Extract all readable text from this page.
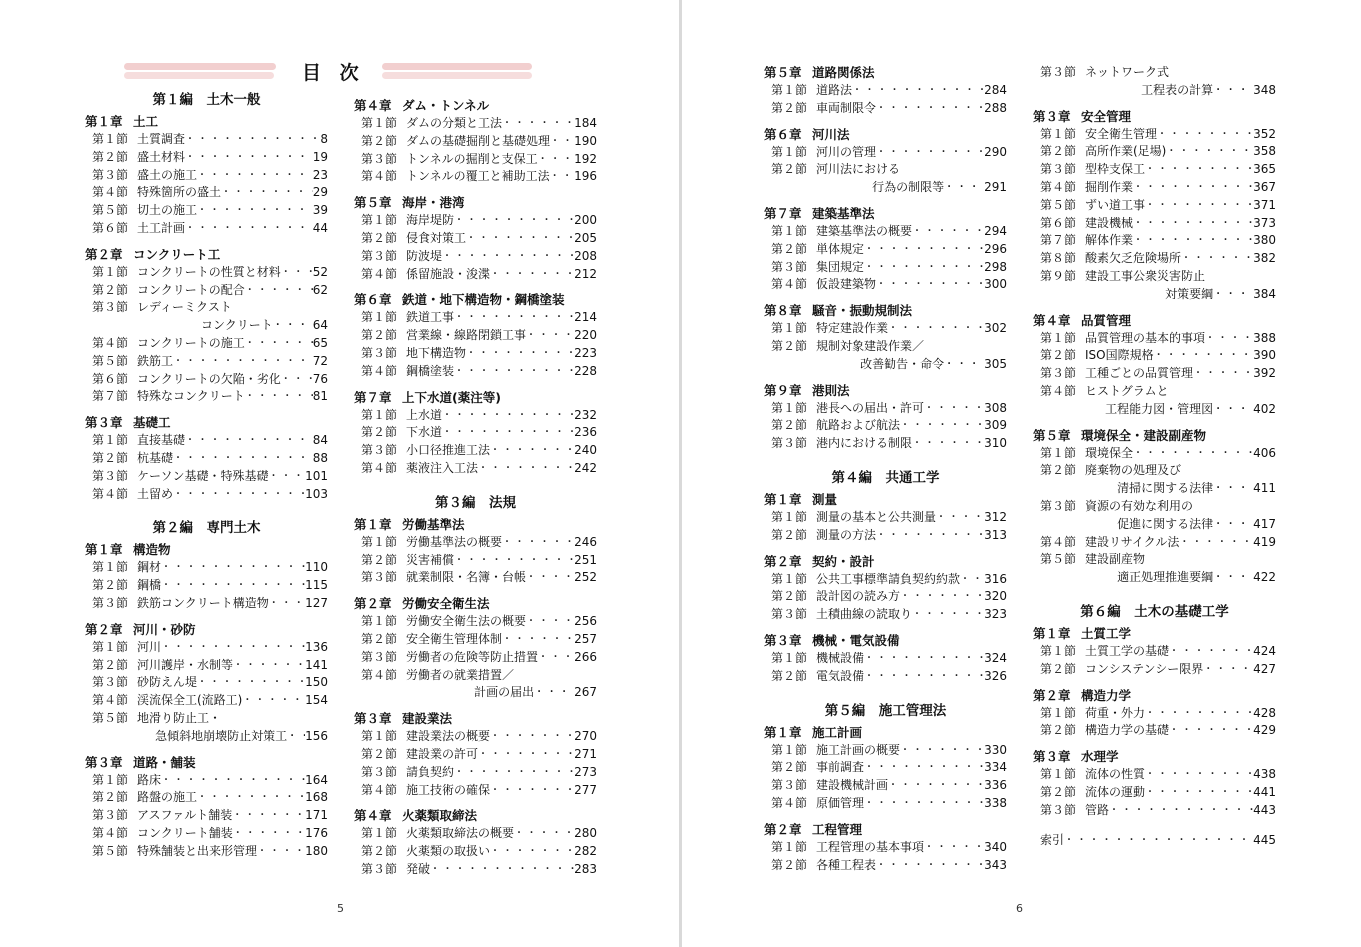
目 次
第１編　土木一般
第１章 土工
第１節 土質調査 ・・・・・・・・・・・・・・・・・・・・・・・・・・・・・・・・・・・・・・・・	8
第２節 盛土材料 ・・・・・・・・・・・・・・・・・・・・・・・・・・・・・・・・・・・・・・・・	19
第３節 盛土の施工 ・・・・・・・・・・・・・・・・・・・・・・・・・・・・・・・・・・・・・・・・	23
第４節 特殊箇所の盛土 ・・・・・・・・・・・・・・・・・・・・・・・・・・・・・・・・・・・・・・・・	29
第５節 切土の施工 ・・・・・・・・・・・・・・・・・・・・・・・・・・・・・・・・・・・・・・・・	39
第６節 土工計画 ・・・・・・・・・・・・・・・・・・・・・・・・・・・・・・・・・・・・・・・・	44
第２章 コンクリート工
第１節 コンクリートの性質と材料 ・・・・・・・・・・・・・・・・・・・・・・・・・・・・・・・・・・・・・・・・	52
第２節 コンクリートの配合 ・・・・・・・・・・・・・・・・・・・・・・・・・・・・・・・・・・・・・・・・	62
第３節 レディーミクスト
コンクリート ・・・・・・・・・・	64
第４節 コンクリートの施工 ・・・・・・・・・・・・・・・・・・・・・・・・・・・・・・・・・・・・・・・・	65
第５節 鉄筋工 ・・・・・・・・・・・・・・・・・・・・・・・・・・・・・・・・・・・・・・・・	72
第６節 コンクリートの欠陥・劣化 ・・・・・・・・・・・・・・・・・・・・・・・・・・・・・・・・・・・・・・・・	76
第７節 特殊なコンクリート ・・・・・・・・・・・・・・・・・・・・・・・・・・・・・・・・・・・・・・・・	81
第３章 基礎工
第１節 直接基礎 ・・・・・・・・・・・・・・・・・・・・・・・・・・・・・・・・・・・・・・・・	84
第２節 杭基礎 ・・・・・・・・・・・・・・・・・・・・・・・・・・・・・・・・・・・・・・・・	88
第３節 ケーソン基礎・特殊基礎 ・・・・・・・・・・・・・・・・・・・・・・・・・・・・・・・・・・・・・・・・	101
第４節 土留め ・・・・・・・・・・・・・・・・・・・・・・・・・・・・・・・・・・・・・・・・	103
第２編　専門土木
第１章 構造物
第１節 鋼材 ・・・・・・・・・・・・・・・・・・・・・・・・・・・・・・・・・・・・・・・・	110
第２節 鋼橋 ・・・・・・・・・・・・・・・・・・・・・・・・・・・・・・・・・・・・・・・・	115
第３節 鉄筋コンクリート構造物 ・・・・・・・・・・・・・・・・・・・・・・・・・・・・・・・・・・・・・・・・	127
第２章 河川・砂防
第１節 河川 ・・・・・・・・・・・・・・・・・・・・・・・・・・・・・・・・・・・・・・・・	136
第２節 河川護岸・水制等 ・・・・・・・・・・・・・・・・・・・・・・・・・・・・・・・・・・・・・・・・	141
第３節 砂防えん堤 ・・・・・・・・・・・・・・・・・・・・・・・・・・・・・・・・・・・・・・・・	150
第４節 渓流保全工(流路工) ・・・・・・・・・・・・・・・・・・・・・・・・・・・・・・・・・・・・・・・・	154
第５節 地滑り防止工・
急傾斜地崩壊防止対策工 ・・・・・・・・・・ 156
第３章 道路・舗装
第１節 路床 ・・・・・・・・・・・・・・・・・・・・・・・・・・・・・・・・・・・・・・・・	164
第２節 路盤の施工 ・・・・・・・・・・・・・・・・・・・・・・・・・・・・・・・・・・・・・・・・	168
第３節 アスファルト舗装 ・・・・・・・・・・・・・・・・・・・・・・・・・・・・・・・・・・・・・・・・	171
第４節 コンクリート舗装 ・・・・・・・・・・・・・・・・・・・・・・・・・・・・・・・・・・・・・・・・	176
第５節 特殊舗装と出来形管理 ・・・・・・・・・・・・・・・・・・・・・・・・・・・・・・・・・・・・・・・・	180
第４章 ダム・トンネル
第１節 ダムの分類と工法 ・・・・・・・・・・・・・・・・・・・・・・・・・・・・・・・・・・・・・・・・	184
第２節 ダムの基礎掘削と基礎処理 ・・・・・・・・・・・・・・・・・・・・・・・・・・・・・・・・・・・・・・・・ 190
第３節 トンネルの掘削と支保工 ・・・・・・・・・・・・・・・・・・・・・・・・・・・・・・・・・・・・・・・・	192
第４節 トンネルの覆工と補助工法 ・・・・・・・・・・・・・・・・・・・・・・・・・・・・・・・・・・・・・・・・ 196
第５章 海岸・港湾
第１節 海岸堤防 ・・・・・・・・・・・・・・・・・・・・・・・・・・・・・・・・・・・・・・・・	200
第２節 侵食対策工 ・・・・・・・・・・・・・・・・・・・・・・・・・・・・・・・・・・・・・・・・	205
第３節 防波堤 ・・・・・・・・・・・・・・・・・・・・・・・・・・・・・・・・・・・・・・・・	208
第４節 係留施設・浚渫 ・・・・・・・・・・・・・・・・・・・・・・・・・・・・・・・・・・・・・・・・	212
第６章 鉄道・地下構造物・鋼橋塗装
第１節 鉄道工事 ・・・・・・・・・・・・・・・・・・・・・・・・・・・・・・・・・・・・・・・・	214
第２節 営業線・線路閉鎖工事 ・・・・・・・・・・・・・・・・・・・・・・・・・・・・・・・・・・・・・・・・	220
第３節 地下構造物 ・・・・・・・・・・・・・・・・・・・・・・・・・・・・・・・・・・・・・・・・	223
第４節 鋼橋塗装 ・・・・・・・・・・・・・・・・・・・・・・・・・・・・・・・・・・・・・・・・	228
第７章 上下水道(薬注等)
第１節 上水道 ・・・・・・・・・・・・・・・・・・・・・・・・・・・・・・・・・・・・・・・・	232
第２節 下水道 ・・・・・・・・・・・・・・・・・・・・・・・・・・・・・・・・・・・・・・・・	236
第３節 小口径推進工法 ・・・・・・・・・・・・・・・・・・・・・・・・・・・・・・・・・・・・・・・・	240
第４節 薬液注入工法 ・・・・・・・・・・・・・・・・・・・・・・・・・・・・・・・・・・・・・・・・	242
第３編　法規
第１章 労働基準法
第１節 労働基準法の概要 ・・・・・・・・・・・・・・・・・・・・・・・・・・・・・・・・・・・・・・・・	246
第２節 災害補償 ・・・・・・・・・・・・・・・・・・・・・・・・・・・・・・・・・・・・・・・・	251
第３節 就業制限・名簿・台帳 ・・・・・・・・・・・・・・・・・・・・・・・・・・・・・・・・・・・・・・・・	252
第２章 労働安全衛生法
第１節 労働安全衛生法の概要 ・・・・・・・・・・・・・・・・・・・・・・・・・・・・・・・・・・・・・・・・	256
第２節 安全衛生管理体制 ・・・・・・・・・・・・・・・・・・・・・・・・・・・・・・・・・・・・・・・・	257
第３節 労働者の危険等防止措置 ・・・・・・・・・・・・・・・・・・・・・・・・・・・・・・・・・・・・・・・・	266
第４節 労働者の就業措置／
計画の届出 ・・・・・・・・・・	267
第３章 建設業法
第１節 建設業法の概要 ・・・・・・・・・・・・・・・・・・・・・・・・・・・・・・・・・・・・・・・・	270
第２節 建設業の許可 ・・・・・・・・・・・・・・・・・・・・・・・・・・・・・・・・・・・・・・・・	271
第３節 請負契約 ・・・・・・・・・・・・・・・・・・・・・・・・・・・・・・・・・・・・・・・・	273
第４節 施工技術の確保 ・・・・・・・・・・・・・・・・・・・・・・・・・・・・・・・・・・・・・・・・	277
第４章 火薬類取締法
第１節 火薬類取締法の概要 ・・・・・・・・・・・・・・・・・・・・・・・・・・・・・・・・・・・・・・・・	280
第２節 火薬類の取扱い ・・・・・・・・・・・・・・・・・・・・・・・・・・・・・・・・・・・・・・・・	282
第３節 発破 ・・・・・・・・・・・・・・・・・・・・・・・・・・・・・・・・・・・・・・・・	283
5
第５章 道路関係法
第１節 道路法 ・・・・・・・・・・・・・・・・・・・・・・・・・・・・・・・・・・・・・・・・	284
第２節 車両制限令 ・・・・・・・・・・・・・・・・・・・・・・・・・・・・・・・・・・・・・・・・	288
第６章 河川法
第１節 河川の管理 ・・・・・・・・・・・・・・・・・・・・・・・・・・・・・・・・・・・・・・・・	290
第２節 河川法における
行為の制限等 ・・・・・・・・・・	291
第７章 建築基準法
第１節 建築基準法の概要 ・・・・・・・・・・・・・・・・・・・・・・・・・・・・・・・・・・・・・・・・	294
第２節 単体規定 ・・・・・・・・・・・・・・・・・・・・・・・・・・・・・・・・・・・・・・・・	296
第３節 集団規定 ・・・・・・・・・・・・・・・・・・・・・・・・・・・・・・・・・・・・・・・・	298
第４節 仮設建築物 ・・・・・・・・・・・・・・・・・・・・・・・・・・・・・・・・・・・・・・・・	300
第８章 騒音・振動規制法
第１節 特定建設作業 ・・・・・・・・・・・・・・・・・・・・・・・・・・・・・・・・・・・・・・・・	302
第２節 規制対象建設作業／
改善勧告・命令 ・・・・・・・・・・	305
第９章 港則法
第１節 港長への届出・許可 ・・・・・・・・・・・・・・・・・・・・・・・・・・・・・・・・・・・・・・・・	308
第２節 航路および航法 ・・・・・・・・・・・・・・・・・・・・・・・・・・・・・・・・・・・・・・・・	309
第３節 港内における制限 ・・・・・・・・・・・・・・・・・・・・・・・・・・・・・・・・・・・・・・・・	310
第４編　共通工学
第１章 測量
第１節 測量の基本と公共測量 ・・・・・・・・・・・・・・・・・・・・・・・・・・・・・・・・・・・・・・・・	312
第２節 測量の方法 ・・・・・・・・・・・・・・・・・・・・・・・・・・・・・・・・・・・・・・・・	313
第２章 契約・設計
第１節 公共工事標準請負契約約款 ・・・・・・・・・・・・・・・・・・・・・・・・・・・・・・・・・・・・・・・・ 316
第２節 設計図の読み方 ・・・・・・・・・・・・・・・・・・・・・・・・・・・・・・・・・・・・・・・・	320
第３節 土積曲線の読取り ・・・・・・・・・・・・・・・・・・・・・・・・・・・・・・・・・・・・・・・・	323
第３章 機械・電気設備
第１節 機械設備 ・・・・・・・・・・・・・・・・・・・・・・・・・・・・・・・・・・・・・・・・	324
第２節 電気設備 ・・・・・・・・・・・・・・・・・・・・・・・・・・・・・・・・・・・・・・・・	326
第５編　施工管理法
第１章 施工計画
第１節 施工計画の概要 ・・・・・・・・・・・・・・・・・・・・・・・・・・・・・・・・・・・・・・・・	330
第２節 事前調査 ・・・・・・・・・・・・・・・・・・・・・・・・・・・・・・・・・・・・・・・・	334
第３節 建設機械計画 ・・・・・・・・・・・・・・・・・・・・・・・・・・・・・・・・・・・・・・・・	336
第４節 原価管理 ・・・・・・・・・・・・・・・・・・・・・・・・・・・・・・・・・・・・・・・・	338
第２章 工程管理
第１節 工程管理の基本事項 ・・・・・・・・・・・・・・・・・・・・・・・・・・・・・・・・・・・・・・・・	340
第２節 各種工程表 ・・・・・・・・・・・・・・・・・・・・・・・・・・・・・・・・・・・・・・・・	343
第３節 ネットワーク式
工程表の計算 ・・・・・・・・・・	348
第３章 安全管理
第１節 安全衛生管理 ・・・・・・・・・・・・・・・・・・・・・・・・・・・・・・・・・・・・・・・・	352
第２節 高所作業(足場) ・・・・・・・・・・・・・・・・・・・・・・・・・・・・・・・・・・・・・・・・	358
第３節 型枠支保工 ・・・・・・・・・・・・・・・・・・・・・・・・・・・・・・・・・・・・・・・・	365
第４節 掘削作業 ・・・・・・・・・・・・・・・・・・・・・・・・・・・・・・・・・・・・・・・・	367
第５節 ずい道工事 ・・・・・・・・・・・・・・・・・・・・・・・・・・・・・・・・・・・・・・・・	371
第６節 建設機械 ・・・・・・・・・・・・・・・・・・・・・・・・・・・・・・・・・・・・・・・・	373
第７節 解体作業 ・・・・・・・・・・・・・・・・・・・・・・・・・・・・・・・・・・・・・・・・	380
第８節 酸素欠乏危険場所 ・・・・・・・・・・・・・・・・・・・・・・・・・・・・・・・・・・・・・・・・	382
第９節 建設工事公衆災害防止
対策要綱 ・・・・・・・・・・	384
第４章 品質管理
第１節 品質管理の基本的事項 ・・・・・・・・・・・・・・・・・・・・・・・・・・・・・・・・・・・・・・・・	388
第２節 ISO国際規格 ・・・・・・・・・・・・・・・・・・・・・・・・・・・・・・・・・・・・・・・・	390
第３節 工種ごとの品質管理 ・・・・・・・・・・・・・・・・・・・・・・・・・・・・・・・・・・・・・・・・	392
第４節 ヒストグラムと
工程能力図・管理図 ・・・・・・・・・・	402
第５章 環境保全・建設副産物
第１節 環境保全 ・・・・・・・・・・・・・・・・・・・・・・・・・・・・・・・・・・・・・・・・	406
第２節 廃棄物の処理及び
清掃に関する法律 ・・・・・・・・・・	411
第３節 資源の有効な利用の
促進に関する法律 ・・・・・・・・・・	417
第４節 建設リサイクル法 ・・・・・・・・・・・・・・・・・・・・・・・・・・・・・・・・・・・・・・・・	419
第５節 建設副産物
適正処理推進要綱 ・・・・・・・・・・	422
第６編　土木の基礎工学
第１章 土質工学
第１節 土質工学の基礎 ・・・・・・・・・・・・・・・・・・・・・・・・・・・・・・・・・・・・・・・・	424
第２節 コンシステンシー限界 ・・・・・・・・・・・・・・・・・・・・・・・・・・・・・・・・・・・・・・・・	427
第２章 構造力学
第１節 荷重・外力 ・・・・・・・・・・・・・・・・・・・・・・・・・・・・・・・・・・・・・・・・	428
第２節 構造力学の基礎 ・・・・・・・・・・・・・・・・・・・・・・・・・・・・・・・・・・・・・・・・	429
第３章 水理学
第１節 流体の性質 ・・・・・・・・・・・・・・・・・・・・・・・・・・・・・・・・・・・・・・・・	438
第２節 流体の運動 ・・・・・・・・・・・・・・・・・・・・・・・・・・・・・・・・・・・・・・・・	441
第３節 管路 ・・・・・・・・・・・・・・・・・・・・・・・・・・・・・・・・・・・・・・・・	443
索引 ・・・・・・・・・・・・・・・・・・・・・・・・・・・・・・・・・・・・・・・・	445
6
